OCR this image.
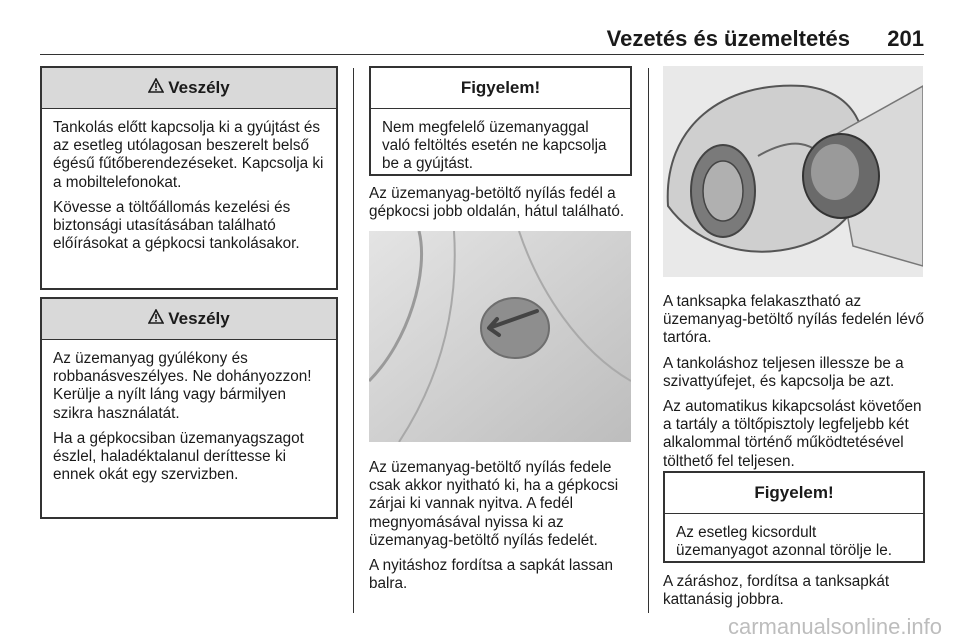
Vezetés és üzemeltetés 201
Veszély

Tankolás előtt kapcsolja ki a gyújtást és az esetleg utólagosan beszerelt belső égésű fűtőberendezéseket. Kapcsolja ki a mobiltelefonokat.

Kövesse a töltőállomás kezelési és biztonsági utasításában található előírásokat a gépkocsi tankolásakor.

Veszély

Az üzemanyag gyúlékony és robbanásveszélyes. Ne dohányozzon! Kerülje a nyílt láng vagy bármilyen szikra használatát.

Ha a gépkocsiban üzemanyagszagot észlel, haladéktalanul deríttesse ki ennek okát egy szervizben.

Figyelem!

Nem megfelelő üzemanyaggal való feltöltés esetén ne kapcsolja be a gyújtást.

Az üzemanyag-betöltő nyílás fedél a gépkocsi jobb oldalán, hátul található.

Az üzemanyag-betöltő nyílás fedele csak akkor nyitható ki, ha a gépkocsi zárjai ki vannak nyitva. A fedél megnyomásával nyissa ki az üzemanyag-betöltő nyílás fedelét.

A nyitáshoz fordítsa a sapkát lassan balra.

A tanksapka felakasztható az üzemanyag-betöltő nyílás fedelén lévő tartóra.

A tankoláshoz teljesen illessze be a szivattyúfejet, és kapcsolja be azt.

Az automatikus kikapcsolást követően a tartály a töltőpisztoly legfeljebb két alkalommal történő működtetésével tölthető fel teljesen.

Figyelem!

Az esetleg kicsordult üzemanyagot azonnal törölje le.

A záráshoz, fordítsa a tanksapkát kattanásig jobbra.

carmanualsonline.info
